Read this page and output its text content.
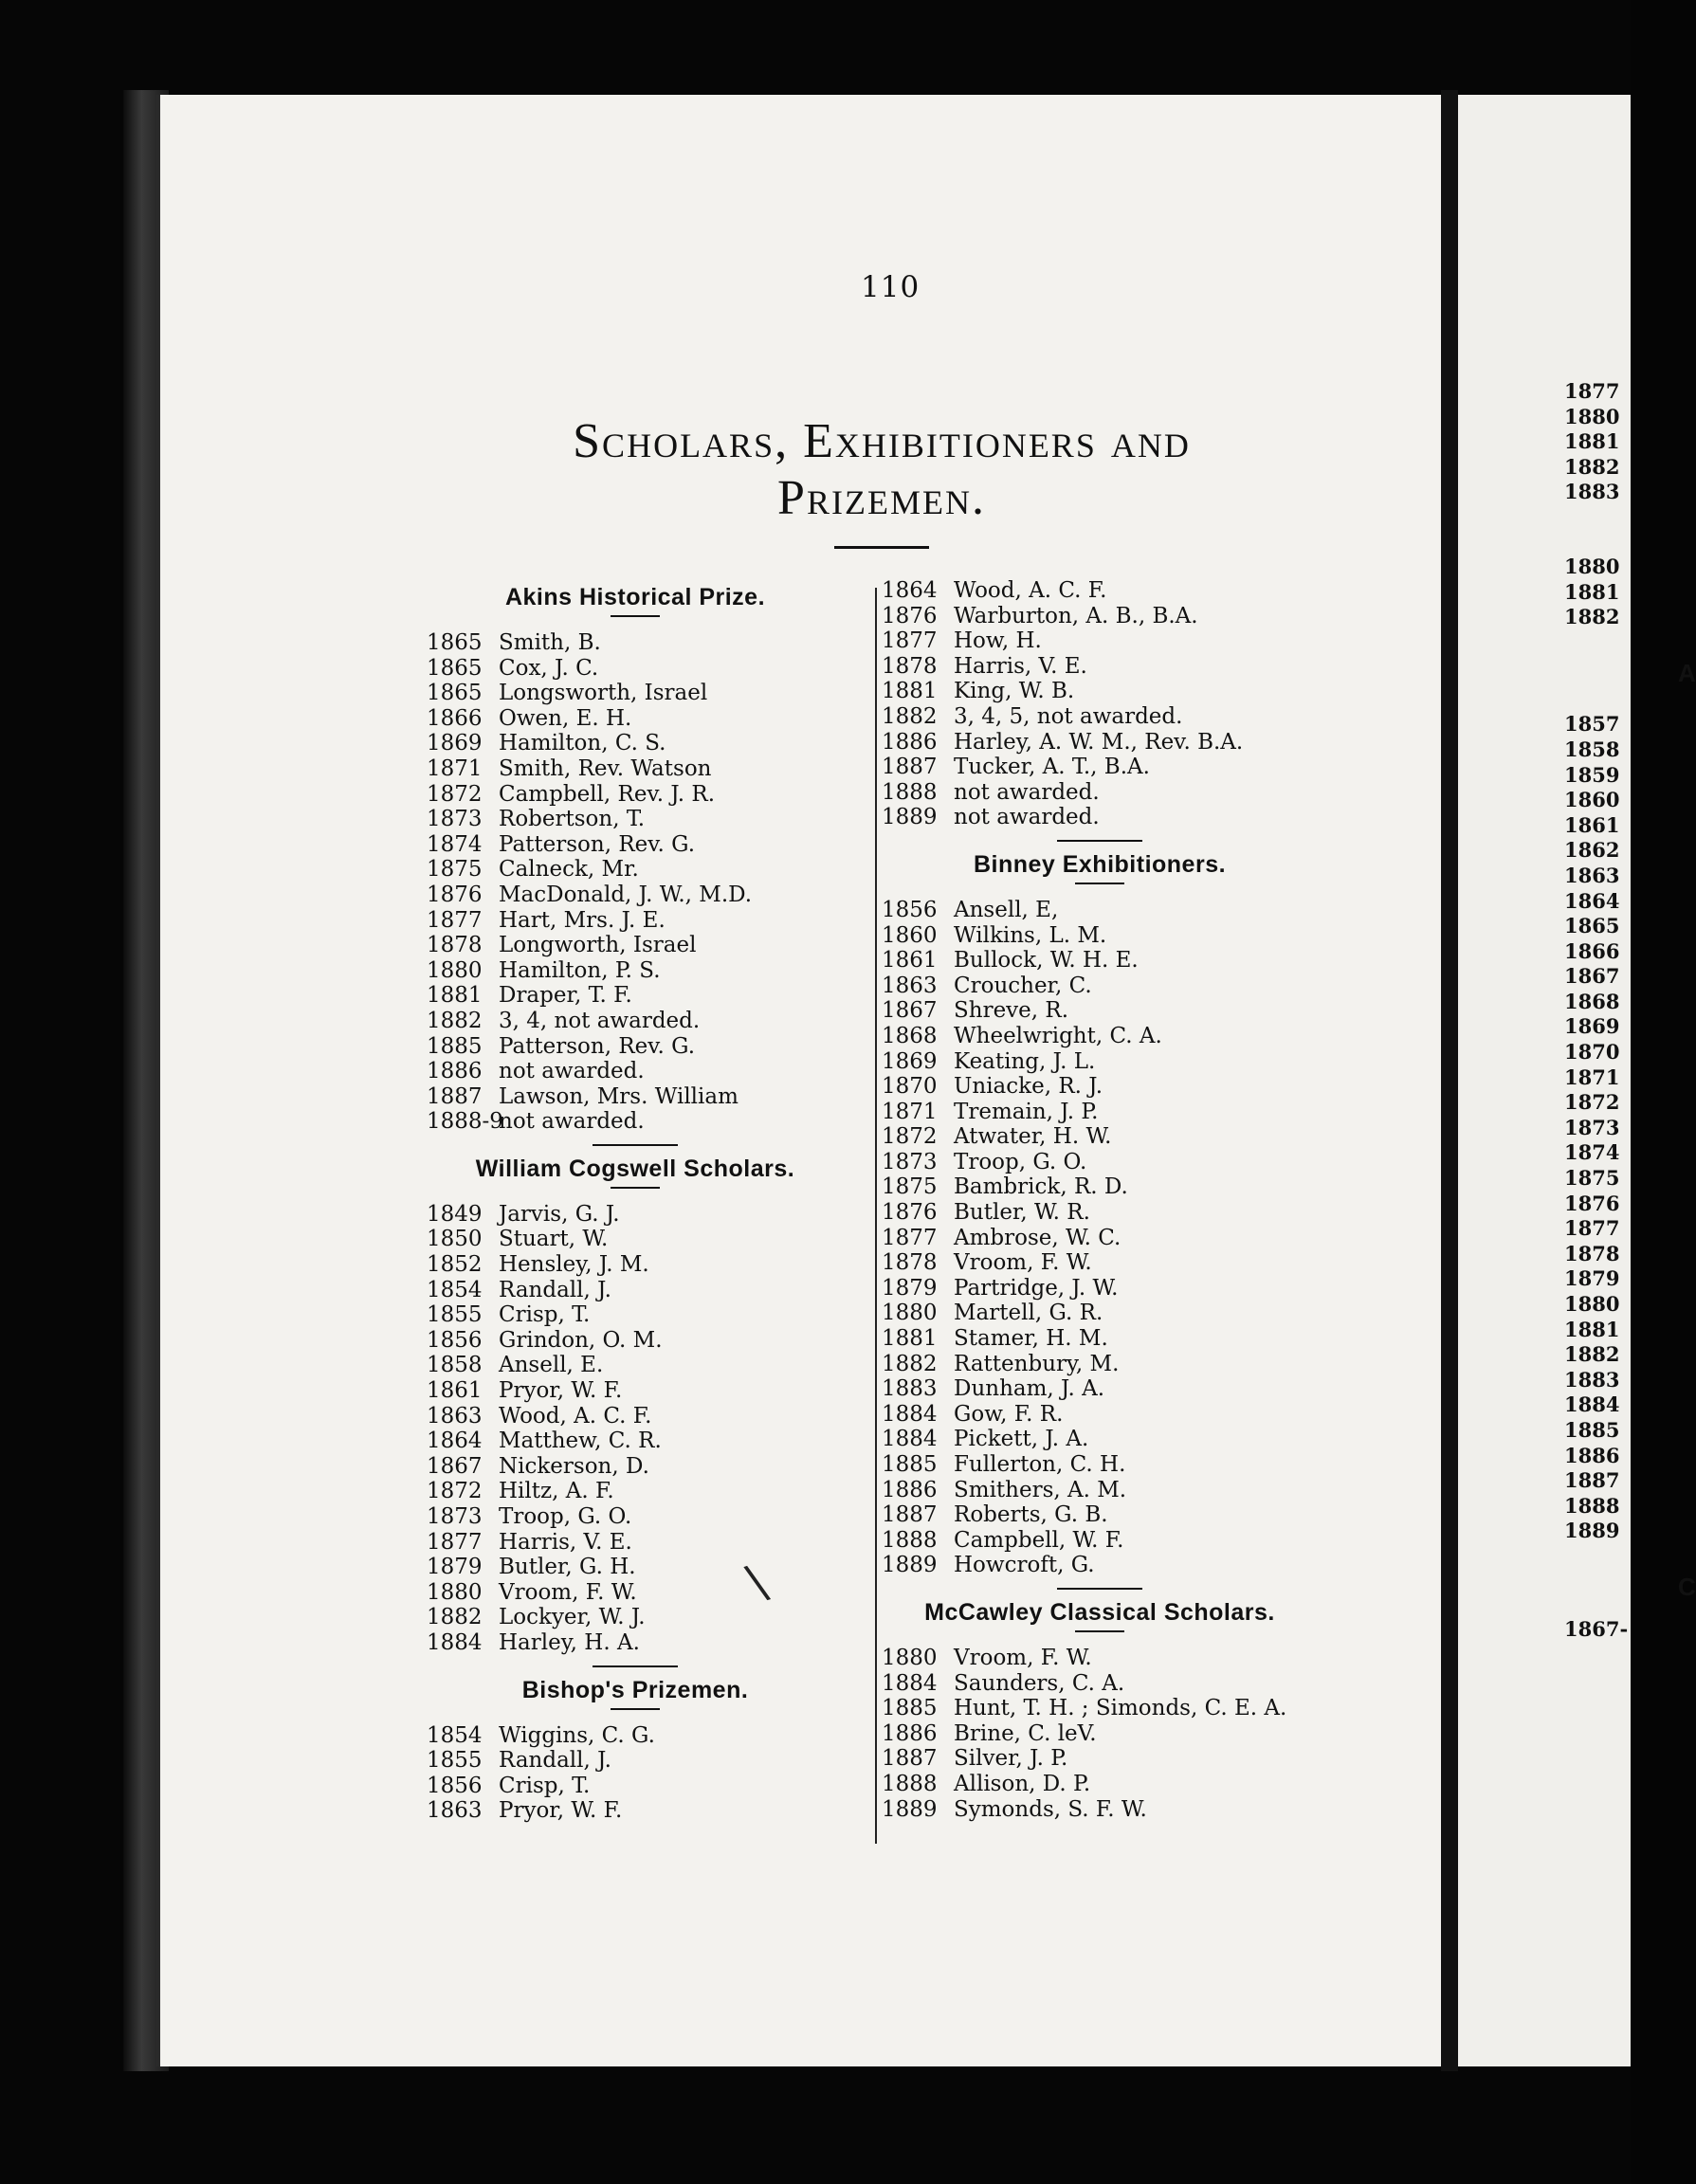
110
Scholars, Exhibitioners and
Prizemen.
Akins Historical Prize.
1865 Smith, B.
1865 Cox, J. C.
1865 Longsworth, Israel
1866 Owen, E. H.
1869 Hamilton, C. S.
1871 Smith, Rev. Watson
1872 Campbell, Rev. J. R.
1873 Robertson, T.
1874 Patterson, Rev. G.
1875 Calneck, Mr.
1876 MacDonald, J. W., M.D.
1877 Hart, Mrs. J. E.
1878 Longworth, Israel
1880 Hamilton, P. S.
1881 Draper, T. F.
1882 3, 4, not awarded.
1885 Patterson, Rev. G.
1886 not awarded.
1887 Lawson, Mrs. William
1888-9
not awarded.
William Cogswell Scholars.
1849 Jarvis, G. J.
1850 Stuart, W.
1852 Hensley, J. M.
1854 Randall, J.
1855 Crisp, T.
1856 Grindon, O. M.
1858 Ansell, E.
1861 Pryor, W. F.
1863 Wood, A. C. F.
1864 Matthew, C. R.
1867 Nickerson, D.
1872 Hiltz, A. F.
1873 Troop, G. O.
1877 Harris, V. E.
1879 Butler, G. H.
1880 Vroom, F. W.
1882 Lockyer, W. J.
1884 Harley, H. A.
Bishop's Prizemen.
1854 Wiggins, C. G.
1855 Randall, J.
1856 Crisp, T.
1863 Pryor, W. F.
1864 Wood, A. C. F.
1876 Warburton, A. B., B.A.
1877 How, H.
1878 Harris, V. E.
1881 King, W. B.
1882 3, 4, 5, not awarded.
1886 Harley, A. W. M., Rev. B.A.
1887 Tucker, A. T., B.A.
1888 not awarded.
1889 not awarded.
Binney Exhibitioners.
1856 Ansell, E,
1860 Wilkins, L. M.
1861 Bullock, W. H. E.
1863 Croucher, C.
1867 Shreve, R.
1868 Wheelwright, C. A.
1869 Keating, J. L.
1870 Uniacke, R. J.
1871 Tremain, J. P.
1872 Atwater, H. W.
1873 Troop, G. O.
1875 Bambrick, R. D.
1876 Butler, W. R.
1877 Ambrose, W. C.
1878 Vroom, F. W.
1879 Partridge, J. W.
1880 Martell, G. R.
1881 Stamer, H. M.
1882 Rattenbury, M.
1883 Dunham, J. A.
1884 Gow, F. R.
1884 Pickett, J. A.
1885 Fullerton, C. H.
1886 Smithers, A. M.
1887 Roberts, G. B.
1888 Campbell, W. F.
1889 Howcroft, G.
McCawley Classical Scholars.
1880 Vroom, F. W.
1884 Saunders, C. A.
1885 Hunt, T. H. ; Simonds, C. E. A.
1886 Brine, C. leV.
1887 Silver, J. P.
1888 Allison, D. P.
1889 Symonds, S. F. W.
1877
1880
1881
1882
1883
1880
1881
1882
A
1857
1858
1859
1860
1861
1862
1863
1864
1865
1866
1867
1868
1869
1870
1871
1872
1873
1874
1875
1876
1877
1878
1879
1880
1881
1882
1883
1884
1885
1886
1887
1888
1889
C
1867-
\
